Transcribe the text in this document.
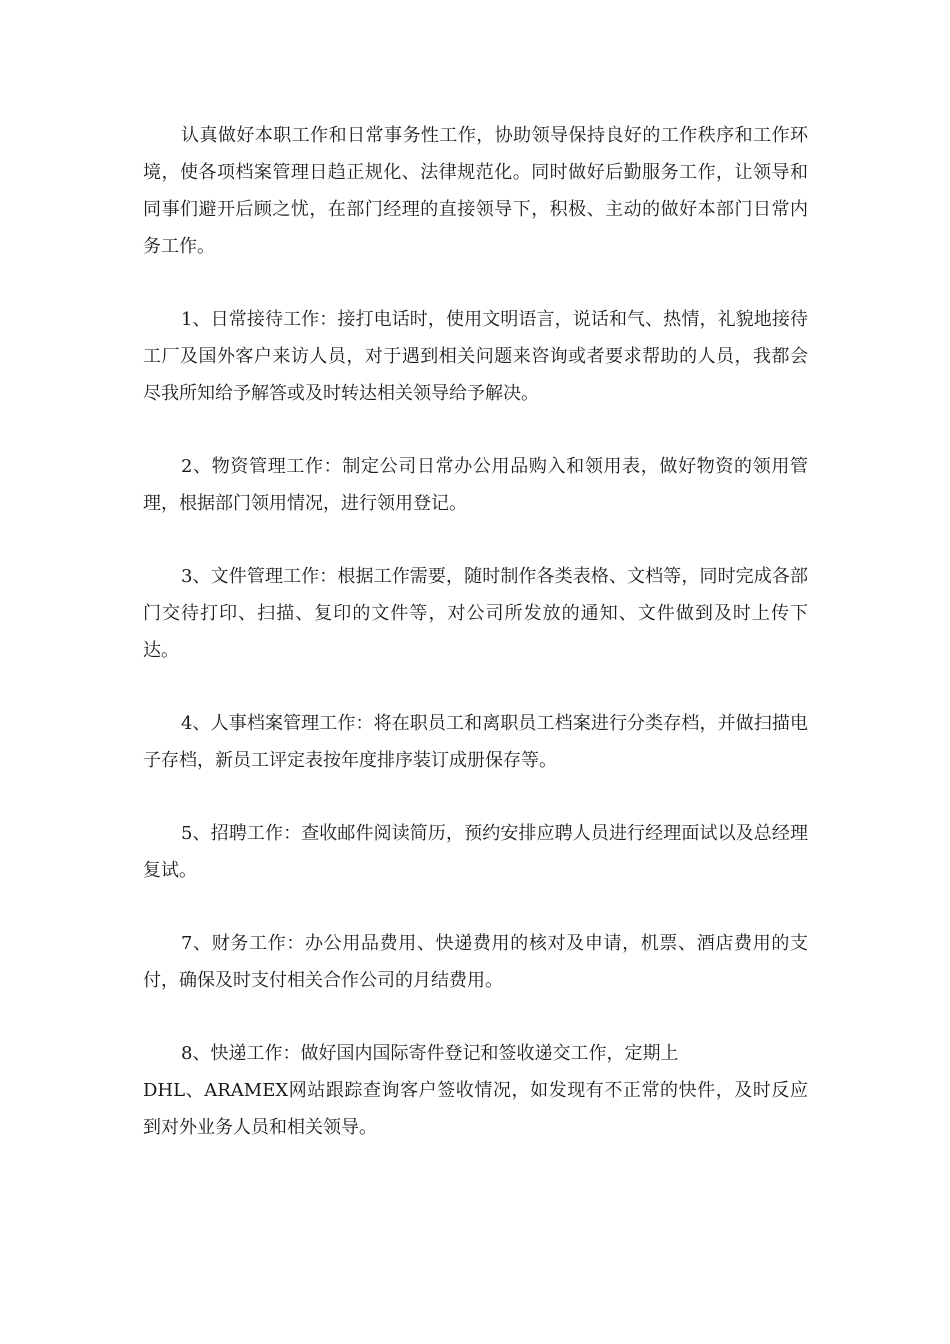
认真做好本职工作和日常事务性工作，协助领导保持良好的工作秩序和工作环境，使各项档案管理日趋正规化、法律规范化。同时做好后勤服务工作，让领导和同事们避开后顾之忧，在部门经理的直接领导下，积极、主动的做好本部门日常内务工作。

1、日常接待工作：接打电话时，使用文明语言，说话和气、热情，礼貌地接待工厂及国外客户来访人员，对于遇到相关问题来咨询或者要求帮助的人员，我都会尽我所知给予解答或及时转达相关领导给予解决。

2、物资管理工作：制定公司日常办公用品购入和领用表，做好物资的领用管理，根据部门领用情况，进行领用登记。

3、文件管理工作：根据工作需要，随时制作各类表格、文档等，同时完成各部门交待打印、扫描、复印的文件等，对公司所发放的通知、文件做到及时上传下达。

4、人事档案管理工作：将在职员工和离职员工档案进行分类存档，并做扫描电子存档，新员工评定表按年度排序装订成册保存等。

5、招聘工作：查收邮件阅读简历，预约安排应聘人员进行经理面试以及总经理复试。

7、财务工作：办公用品费用、快递费用的核对及申请，机票、酒店费用的支付，确保及时支付相关合作公司的月结费用。

8、快递工作：做好国内国际寄件登记和签收递交工作，定期上
DHL、ARAMEX网站跟踪查询客户签收情况，如发现有不正常的快件，及时反应到对外业务人员和相关领导。
